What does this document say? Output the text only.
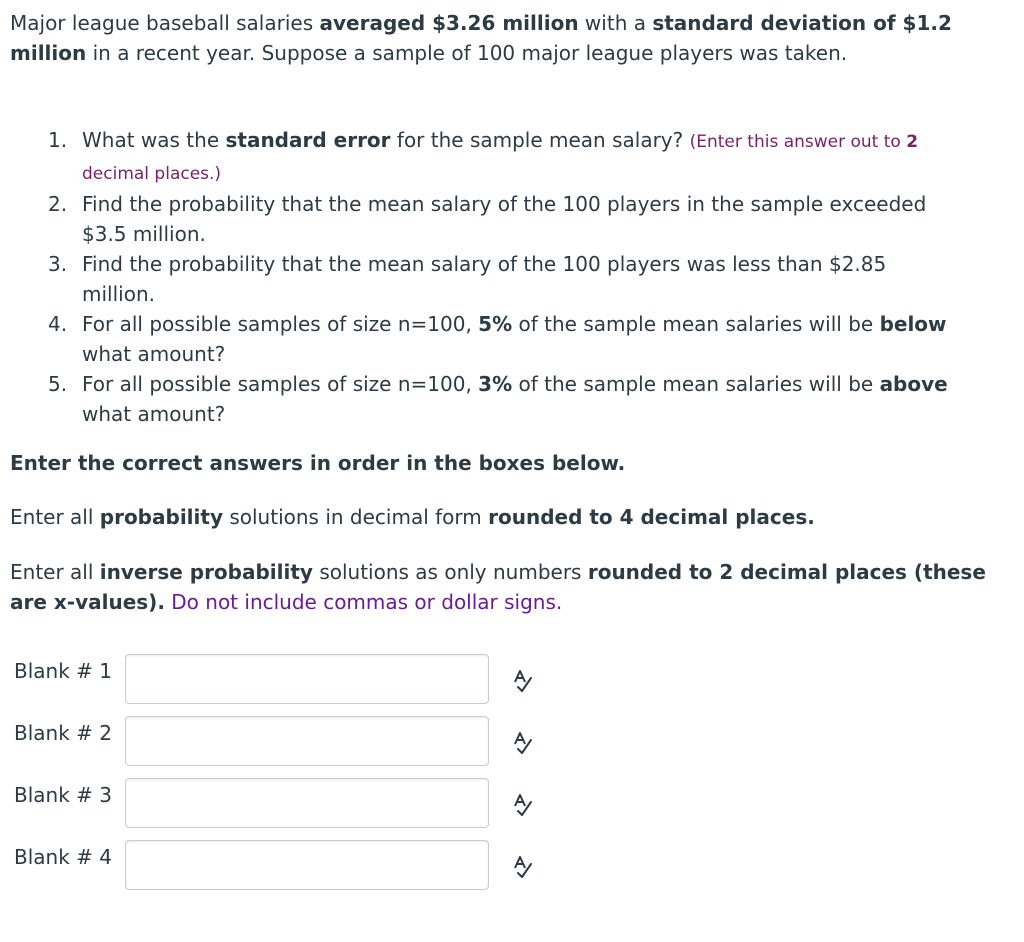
Major league baseball salaries averaged $3.26 million with a standard deviation of $1.2 million in a recent year. Suppose a sample of 100 major league players was taken.
1. What was the standard error for the sample mean salary? (Enter this answer out to 2 decimal places.)
2. Find the probability that the mean salary of the 100 players in the sample exceeded $3.5 million.
3. Find the probability that the mean salary of the 100 players was less than $2.85 million.
4. For all possible samples of size n=100, 5% of the sample mean salaries will be below what amount?
5. For all possible samples of size n=100, 3% of the sample mean salaries will be above what amount?
Enter the correct answers in order in the boxes below.
Enter all probability solutions in decimal form rounded to 4 decimal places.
Enter all inverse probability solutions as only numbers rounded to 2 decimal places (these are x-values). Do not include commas or dollar signs.
Blank # 1
Blank # 2
Blank # 3
Blank # 4
